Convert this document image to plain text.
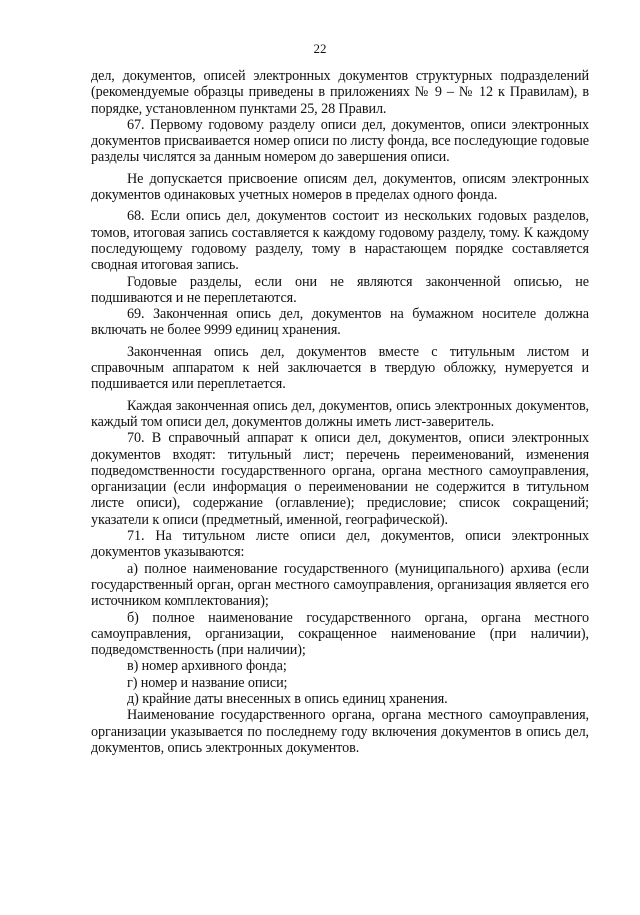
22

дел, документов, описей электронных документов структурных подразделений (рекомендуемые образцы приведены в приложениях № 9 – № 12 к Правилам), в порядке, установленном пунктами 25, 28 Правил.

67. Первому годовому разделу описи дел, документов, описи электронных документов присваивается номер описи по листу фонда, все последующие годовые разделы числятся за данным номером до завершения описи.

Не допускается присвоение описям дел, документов, описям электронных документов одинаковых учетных номеров в пределах одного фонда.

68. Если опись дел, документов состоит из нескольких годовых разделов, томов, итоговая запись составляется к каждому годовому разделу, тому. К каждому последующему годовому разделу, тому в нарастающем порядке составляется сводная итоговая запись.

Годовые разделы, если они не являются законченной описью, не подшиваются и не переплетаются.

69. Законченная опись дел, документов на бумажном носителе должна включать не более 9999 единиц хранения.

Законченная опись дел, документов вместе с титульным листом и справочным аппаратом к ней заключается в твердую обложку, нумеруется и подшивается или переплетается.

Каждая законченная опись дел, документов, опись электронных документов, каждый том описи дел, документов должны иметь лист-заверитель.

70. В справочный аппарат к описи дел, документов, описи электронных документов входят: титульный лист; перечень переименований, изменения подведомственности государственного органа, органа местного самоуправления, организации (если информация о переименовании не содержится в титульном листе описи), содержание (оглавление); предисловие; список сокращений; указатели к описи (предметный, именной, географической).

71. На титульном листе описи дел, документов, описи электронных документов указываются:

а) полное наименование государственного (муниципального) архива (если государственный орган, орган местного самоуправления, организация является его источником комплектования);

б) полное наименование государственного органа, органа местного самоуправления, организации, сокращенное наименование (при наличии), подведомственность (при наличии);

в) номер архивного фонда;

г) номер и название описи;

д) крайние даты внесенных в опись единиц хранения.

Наименование государственного органа, органа местного самоуправления, организации указывается по последнему году включения документов в опись дел, документов, опись электронных документов.
